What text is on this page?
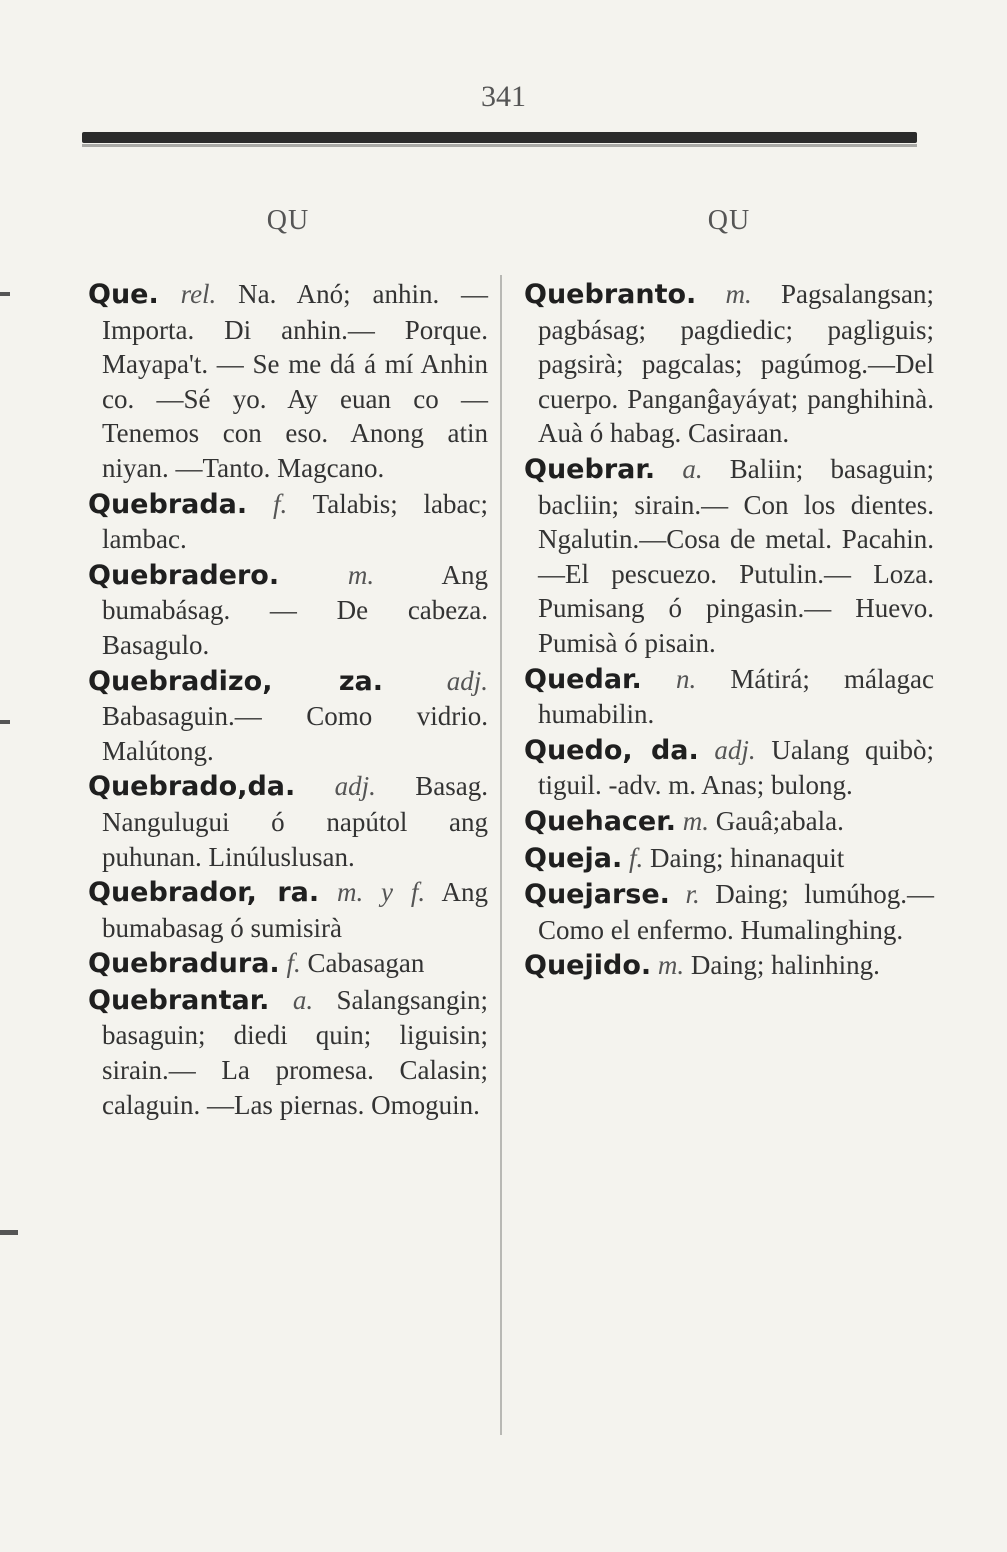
341
QU

Que. rel. Na. Anó; anhin. —Importa. Di anhin.— Porque. Mayapa't. — Se me dá á mí Anhin co. —Sé yo. Ay euan co — Tenemos con eso. Anong atin niyan. —Tanto. Magcano.

Quebrada. f. Talabis; labac; lambac.

Quebradero.	m. Ang bumabásag. — De cabeza. Basagulo.

Quebradizo, za. adj. Babasaguin.— Como vidrio. Malútong.

Quebrado,da. adj. Basag. Nangulugui ó napútol ang puhunan. Linúluslusan.

Quebrador, ra. m. y f. Ang bumabasag ó sumisirà

Quebradura. f. Cabasagan

Quebrantar. a. Salangsangin; basaguin; diedi quin; liguisin; sirain.— La promesa. Calasin; calaguin. —Las piernas. Omoguin.

QU

Quebranto. m. Pagsalangsan; pagbásag; pagdiedic; pagliguis; pagsirà; pagcalas; pagúmog.—Del cuerpo. Panganĝayáyat; panghihinà. Auà ó habag. Casiraan.

Quebrar. a. Baliin; basaguin; bacliin; sirain.— Con los dientes. Ngalutin.—Cosa de metal. Pacahin.—El pescuezo. Putulin.— Loza. Pumisang ó pingasin.— Huevo. Pumisà ó pisain.

Quedar. n. Mátirá; málagac humabilin.

Quedo, da. adj. Ualang quibò; tiguil. -adv. m. Anas; bulong.

Quehacer. m. Gauâ;abala.

Queja. f. Daing; hinanaquit

Quejarse. r. Daing; lumúhog.—Como el enfermo. Humalinghing.

Quejido. m. Daing; halinhing.
